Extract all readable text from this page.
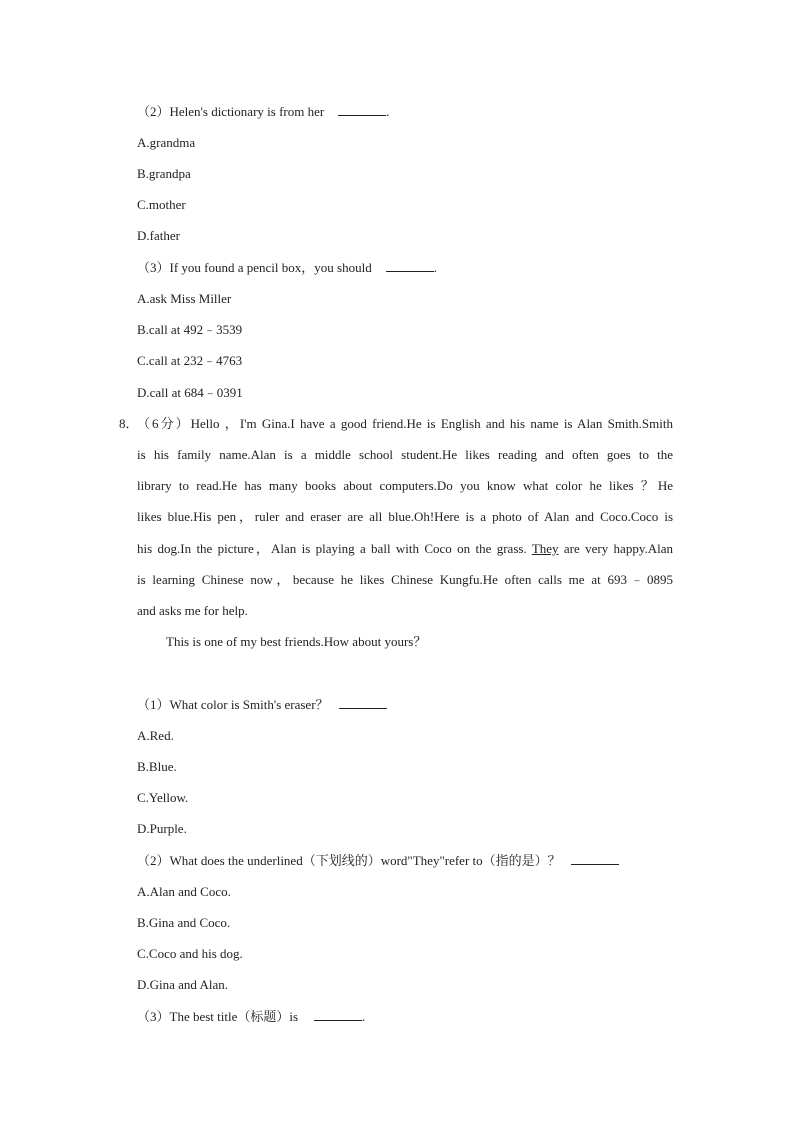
（2）Helen's dictionary is from her	.
A.grandma
B.grandpa
C.mother
D.father
（3）If you found a pencil box，you should	.
A.ask Miss Miller
B.call at 492﹣3539
C.call at 232﹣4763
D.call at 684﹣0391
8．
（6分）Hello ，I'm Gina.I have a good friend.He is English and his name is Alan Smith.Smith
is his family name.Alan is a middle school student.He likes reading and often goes to the
library to read.He has many books about computers.Do you know what color he likes ？He
likes blue.His pen，ruler and eraser are all blue.Oh!Here is a photo of Alan and Coco.Coco is
his dog.In the picture，Alan is playing a ball with Coco on the grass. They are very happy.Alan
is learning Chinese now，because he likes Chinese Kungfu.He often calls me at 693﹣0895
and asks me for help.
This is one of my best friends.How about yours？
（1）What color is Smith's eraser？
A.Red.
B.Blue.
C.Yellow.
D.Purple.
（2）What does the underlined（下划线的）word"They"refer to（指的是）？
A.Alan and Coco.
B.Gina and Coco.
C.Coco and his dog.
D.Gina and Alan.
（3）The best title（标题）is	.
